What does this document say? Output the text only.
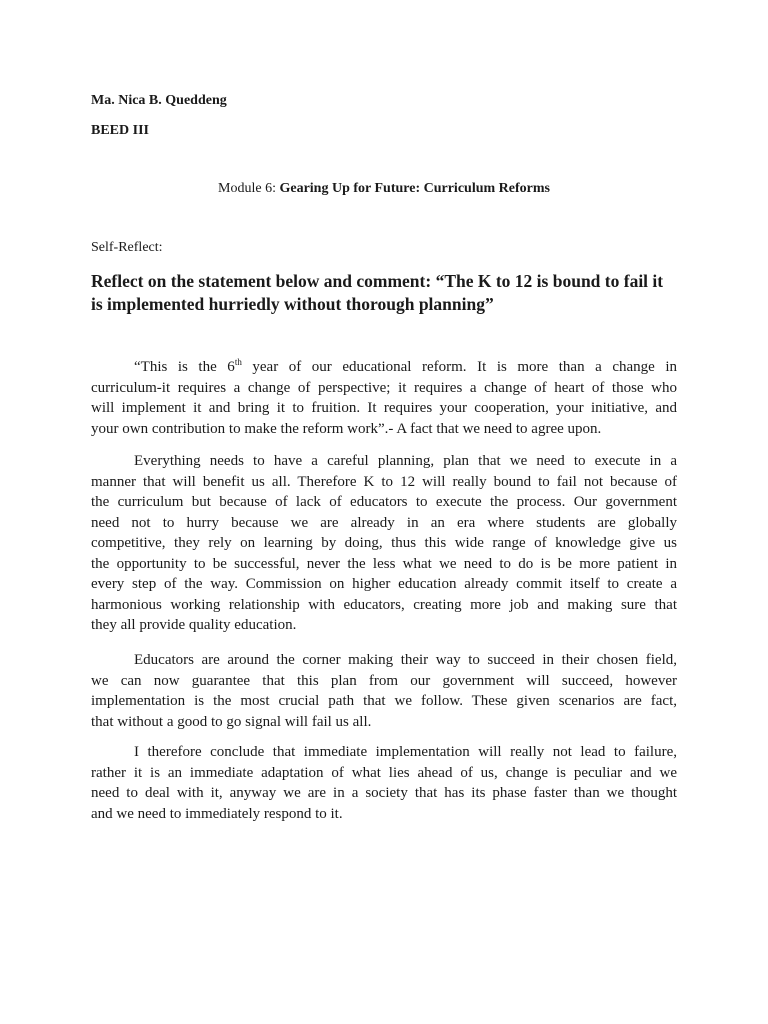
Ma. Nica B. Queddeng

BEED III

Module 6: Gearing Up for Future: Curriculum Reforms

Self-Reflect:

Reflect on the statement below and comment: “The K to 12 is bound to fail it
is implemented hurriedly without thorough planning”
“This is the 6th year of our educational reform. It is more than a change in
curriculum-it requires a change of perspective; it requires a change of heart of those who
will implement it and bring it to fruition. It requires your cooperation, your initiative, and
your own contribution to make the reform work”.- A fact that we need to agree upon.
Everything needs to have a careful planning, plan that we need to execute in a
manner that will benefit us all. Therefore K to 12 will really bound to fail not because of
the curriculum but because of lack of educators to execute the process. Our government
need not to hurry because we are already in an era where students are globally
competitive, they rely on learning by doing, thus this wide range of knowledge give us
the opportunity to be successful, never the less what we need to do is be more patient in
every step of the way. Commission on higher education already commit itself to create a
harmonious working relationship with educators, creating more job and making sure that
they all provide quality education.
Educators are around the corner making their way to succeed in their chosen field,
we can now guarantee that this plan from our government will succeed, however
implementation is the most crucial path that we follow. These given scenarios are fact,
that without a good to go signal will fail us all.
I therefore conclude that immediate implementation will really not lead to failure,
rather it is an immediate adaptation of what lies ahead of us, change is peculiar and we
need to deal with it, anyway we are in a society that has its phase faster than we thought
and we need to immediately respond to it.
